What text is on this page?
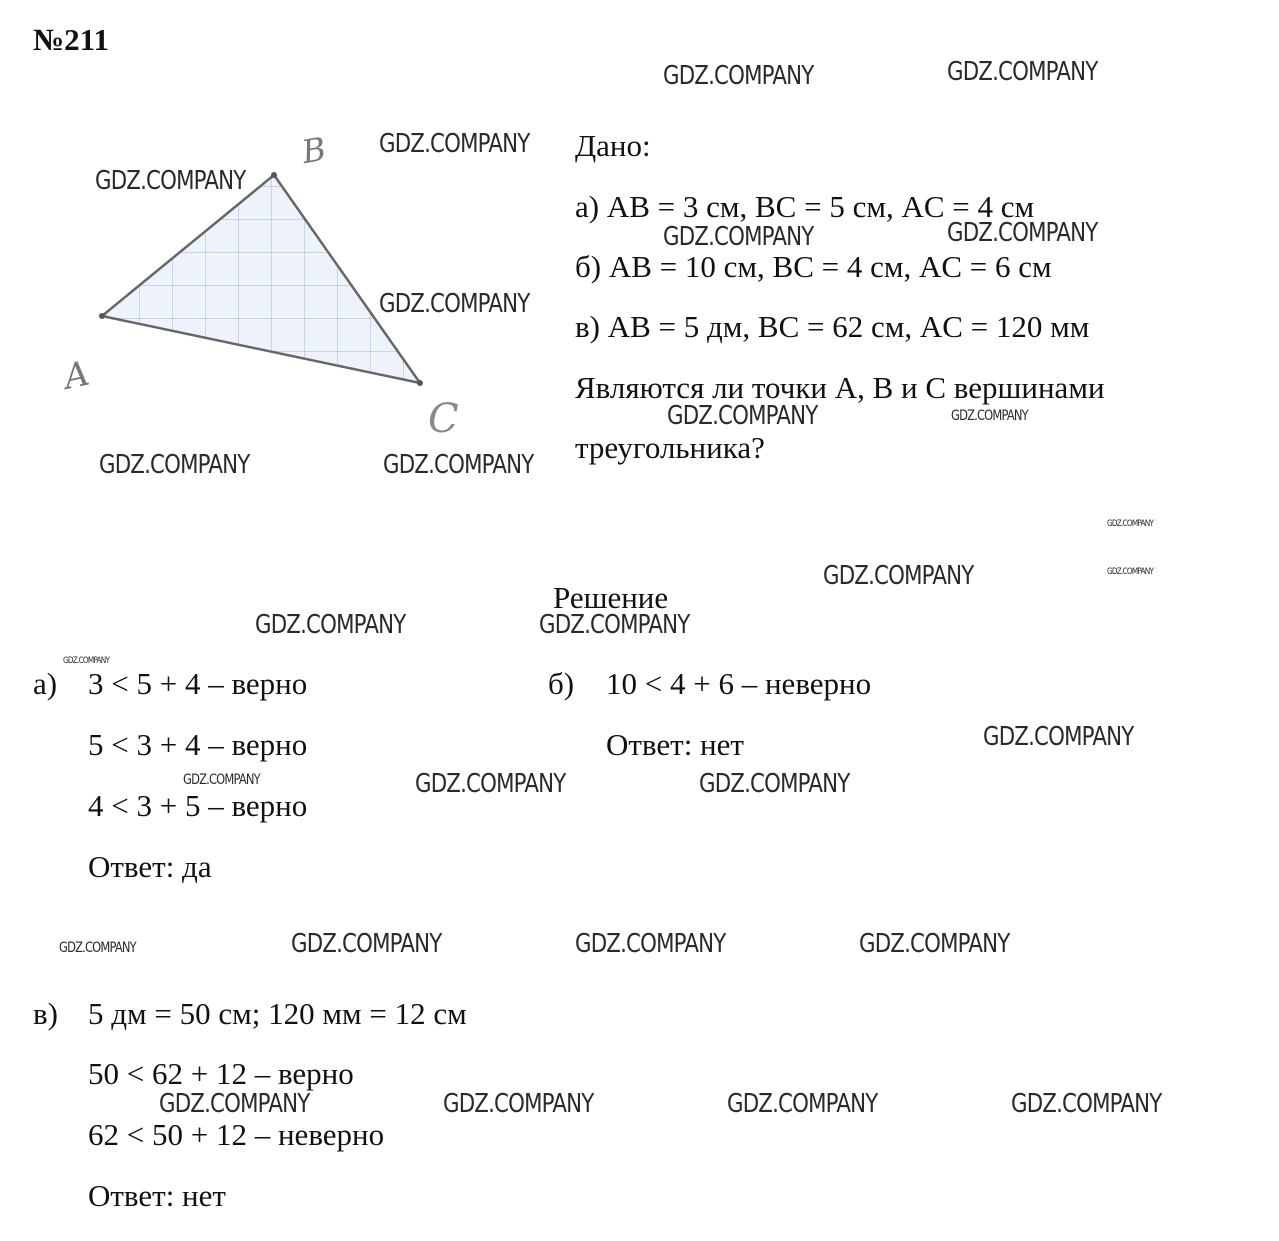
№211
A
B
C
Дано:
а) AB = 3 см, BC = 5 см, AC = 4 см
б) AB = 10 см, BC = 4 см, AC = 6 см
в) AB = 5 дм, BC = 62 см, AC = 120 мм
Являются ли точки A, B и C вершинами
треугольника?
Решение
а) 3 < 5 + 4 – верно
5 < 3 + 4 – верно
4 < 3 + 5 – верно
Ответ: да
б) 10 < 4 + 6 – неверно
Ответ: нет
в) 5 дм = 50 см; 120 мм = 12 см
50 < 62 + 12 – верно
62 < 50 + 12 – неверно
Ответ: нет
GDZ.COMPANY	GDZ.COMPANY
GDZ.COMPANY
GDZ.COMPANY
GDZ.COMPANY	GDZ.COMPANY
GDZ.COMPANY
GDZ.COMPANY	GDZ.COMPANY
GDZ.COMPANY	GDZ.COMPANY
GDZ.COMPANY
GDZ.COMPANY	GDZ.COMPANY
GDZ.COMPANY	GDZ.COMPANY
GDZ.COMPANY
GDZ.COMPANY
GDZ.COMPANY	GDZ.COMPANY	GDZ.COMPANY
GDZ.COMPANY	GDZ.COMPANY	GDZ.COMPANY	GDZ.COMPANY
GDZ.COMPANY	GDZ.COMPANY	GDZ.COMPANY	GDZ.COMPANY
